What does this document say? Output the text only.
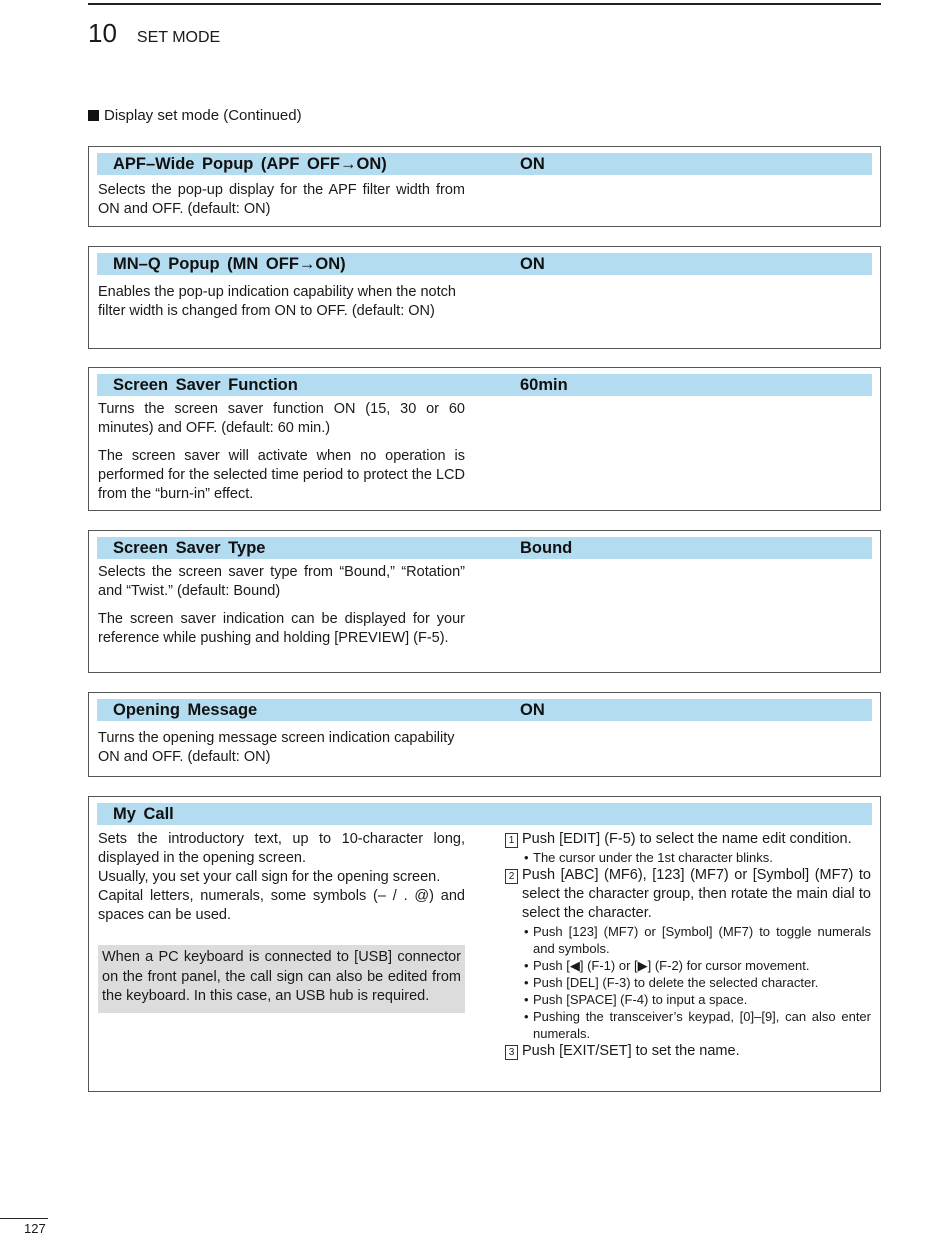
10 SET MODE
Display set mode (Continued)
APF–Wide Popup (APF OFF→ON)	ON

Selects the pop-up display for the APF filter width from ON and OFF. (default: ON)

MN–Q Popup (MN OFF→ON)	ON

Enables the pop-up indication capability when the notch filter width is changed from ON to OFF. (default: ON)

Screen Saver Function	60min

Turns the screen saver function ON (15, 30 or 60 minutes) and OFF. (default: 60 min.)

The screen saver will activate when no operation is performed for the selected time period to protect the LCD from the “burn-in” effect.

Screen Saver Type	Bound

Selects the screen saver type from “Bound,” “Rotation” and “Twist.” (default: Bound)

The screen saver indication can be displayed for your reference while pushing and holding [PREVIEW] (F-5).

Opening Message	ON

Turns the opening message screen indication capability ON and OFF. (default: ON)

My Call

Sets the introductory text, up to 10-character long, displayed in the opening screen.

Usually, you set your call sign for the opening screen.

Capital letters, numerals, some symbols (– / . @) and spaces can be used.

When a PC keyboard is connected to [USB] connector on the front panel, the call sign can also be edited from the keyboard. In this case, an USB hub is required.
1 Push [EDIT] (F-5) to select the name edit condition.
• The cursor under the 1st character blinks.
2 Push [ABC] (MF6), [123] (MF7) or [Symbol] (MF7) to select the character group, then rotate the main dial to select the character.
• Push [123] (MF7) or [Symbol] (MF7) to toggle numerals and symbols.
• Push [◀] (F-1) or [▶] (F-2) for cursor movement.
• Push [DEL] (F-3) to delete the selected character.
• Push [SPACE] (F-4) to input a space.
• Pushing the transceiver’s keypad, [0]–[9], can also enter numerals.
3 Push [EXIT/SET] to set the name.
127
